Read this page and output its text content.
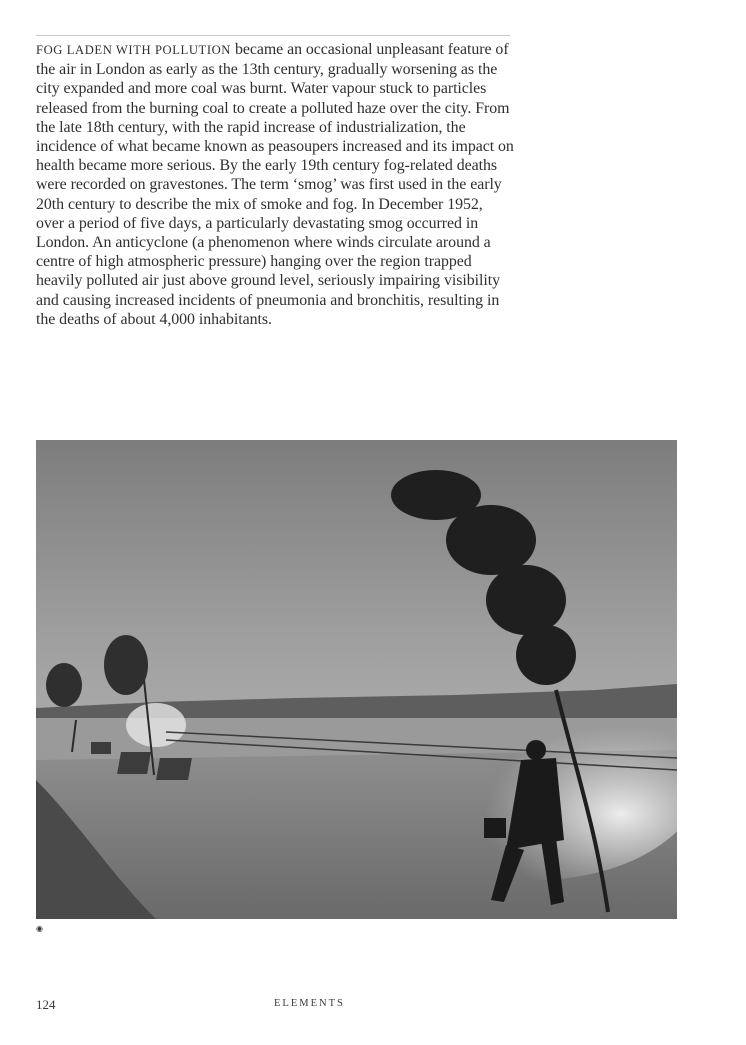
FOG LADEN WITH POLLUTION became an occasional unpleasant feature of the air in London as early as the 13th century, gradually worsening as the city expanded and more coal was burnt. Water vapour stuck to particles released from the burning coal to create a polluted haze over the city. From the late 18th century, with the rapid increase of industrialization, the incidence of what became known as peasoupers increased and its impact on health became more serious. By the early 19th century fog-related deaths were recorded on gravestones. The term ‘smog’ was first used in the early 20th century to describe the mix of smoke and fog. In December 1952, over a period of five days, a particularly devastating smog occurred in London. An anticyclone (a phenomenon where winds circulate around a centre of high atmospheric pressure) hanging over the region trapped heavily polluted air just above ground level, seriously impairing visibility and causing increased incidents of pneumonia and bronchitis, resulting in the deaths of about 4,000 inhabitants.

◉
124	ELEMENTS
